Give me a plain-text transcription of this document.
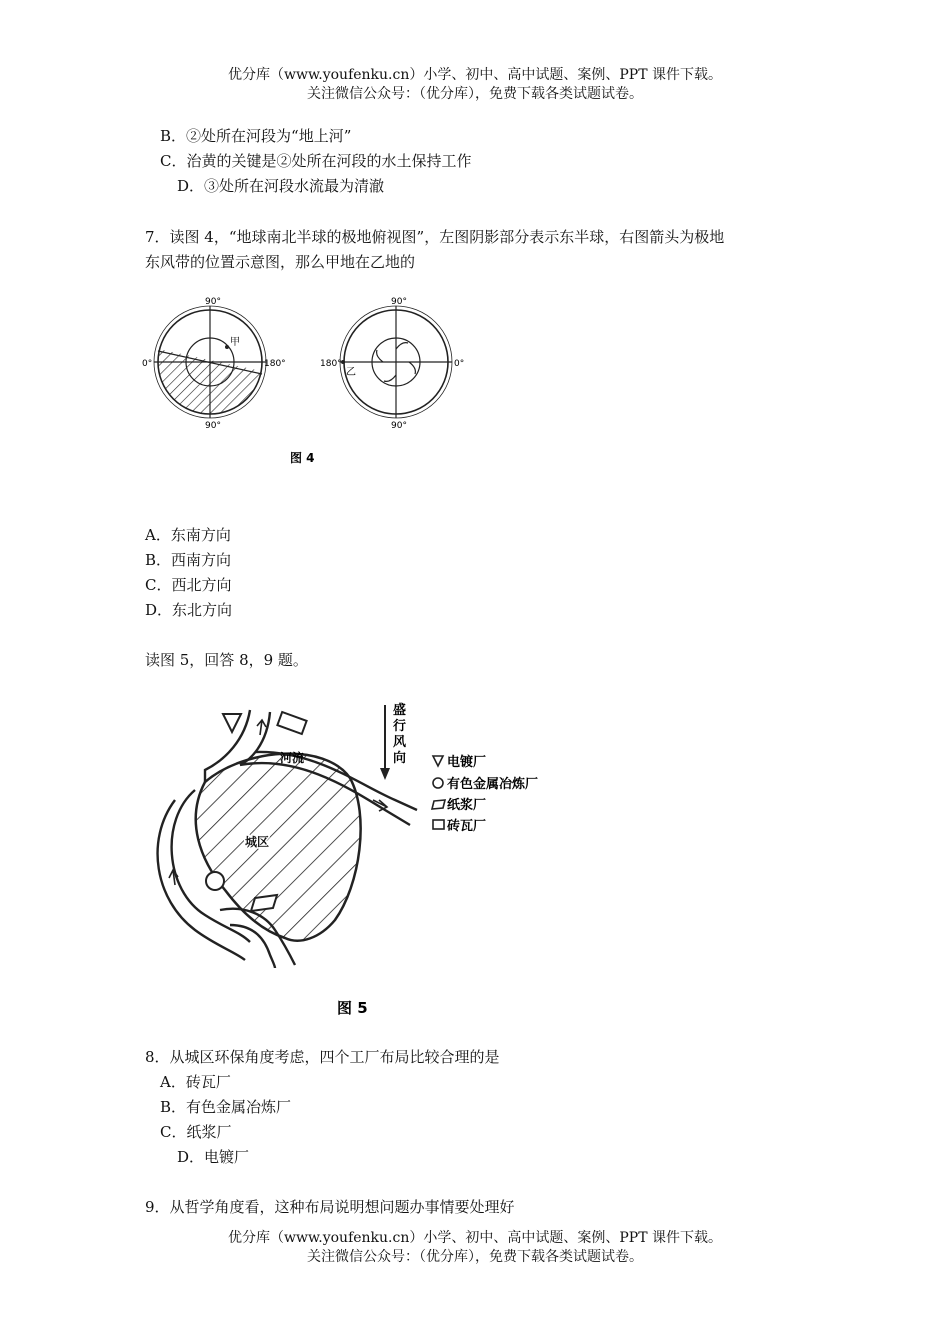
优分库（www.youfenku.cn）小学、初中、高中试题、案例、PPT 课件下载。
关注微信公众号：（优分库），免费下载各类试题试卷。
B．②处所在河段为“地上河”
C．治黄的关键是②处所在河段的水土保持工作
D．③处所在河段水流最为清澈
7．读图 4，“地球南北半球的极地俯视图”，左图阴影部分表示东半球，右图箭头为极地
东风带的位置示意图，那么甲地在乙地的
90°
90°
0°	180°
甲
90°
90°
180°	0°
乙
图 4
A．东南方向
B．西南方向
C．西北方向
D．东北方向
读图 5，回答 8，9 题。
城区
河流
盛
行
风
向	电镀厂
有色金属冶炼厂
纸浆厂
砖瓦厂
图 5
8．从城区环保角度考虑，四个工厂布局比较合理的是
A．砖瓦厂
B．有色金属冶炼厂
C．纸浆厂
D．电镀厂
9．从哲学角度看，这种布局说明想问题办事情要处理好
优分库（www.youfenku.cn）小学、初中、高中试题、案例、PPT 课件下载。
关注微信公众号：（优分库），免费下载各类试题试卷。
